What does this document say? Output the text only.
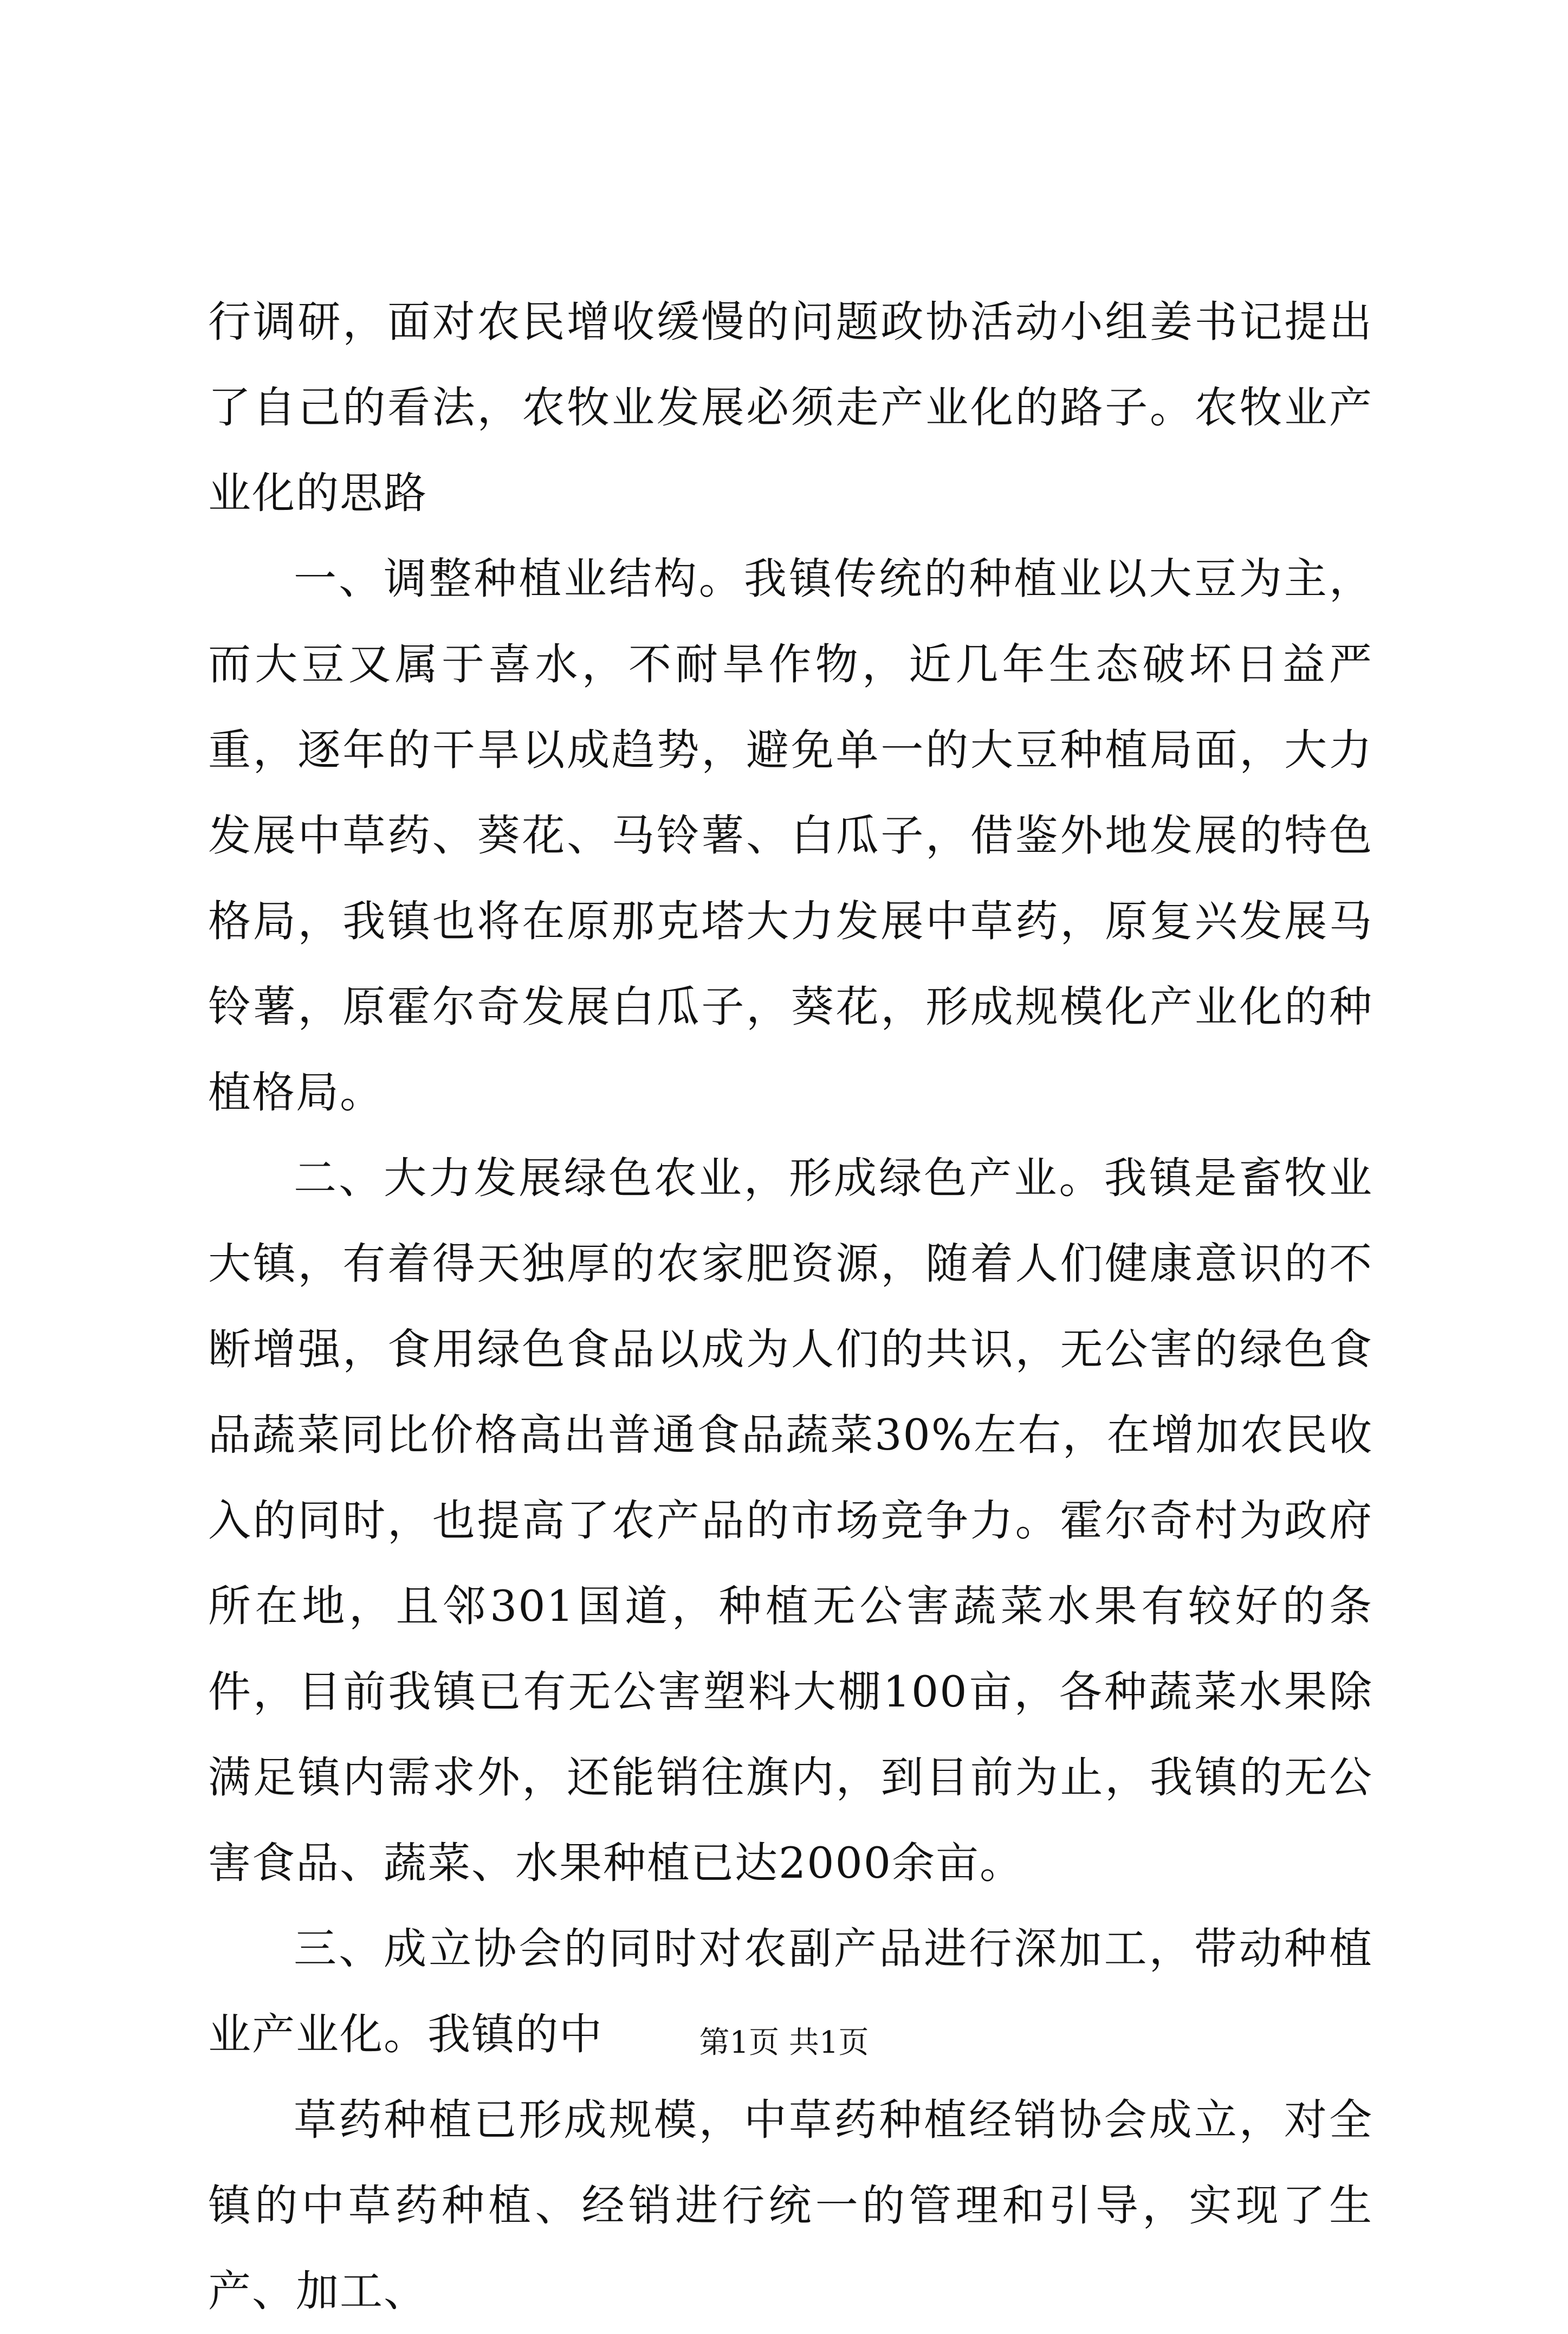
行调研，面对农民增收缓慢的问题政协活动小组姜书记提出了自己的看法，农牧业发展必须走产业化的路子。农牧业产业化的思路

一、调整种植业结构。我镇传统的种植业以大豆为主，而大豆又属于喜水，不耐旱作物，近几年生态破坏日益严重，逐年的干旱以成趋势，避免单一的大豆种植局面，大力发展中草药、葵花、马铃薯、白瓜子，借鉴外地发展的特色格局，我镇也将在原那克塔大力发展中草药，原复兴发展马铃薯，原霍尔奇发展白瓜子，葵花，形成规模化产业化的种植格局。

二、大力发展绿色农业，形成绿色产业。我镇是畜牧业大镇，有着得天独厚的农家肥资源，随着人们健康意识的不断增强，食用绿色食品以成为人们的共识，无公害的绿色食品蔬菜同比价格高出普通食品蔬菜30%左右，在增加农民收入的同时，也提高了农产品的市场竞争力。霍尔奇村为政府所在地，且邻301国道，种植无公害蔬菜水果有较好的条件，目前我镇已有无公害塑料大棚100亩，各种蔬菜水果除满足镇内需求外，还能销往旗内，到目前为止，我镇的无公害食品、蔬菜、水果种植已达2000余亩。

三、成立协会的同时对农副产品进行深加工，带动种植业产业化。我镇的中

草药种植已形成规模，中草药种植经销协会成立，对全镇的中草药种植、经销进行统一的管理和引导，实现了生产、加工、

第1页 共1页
